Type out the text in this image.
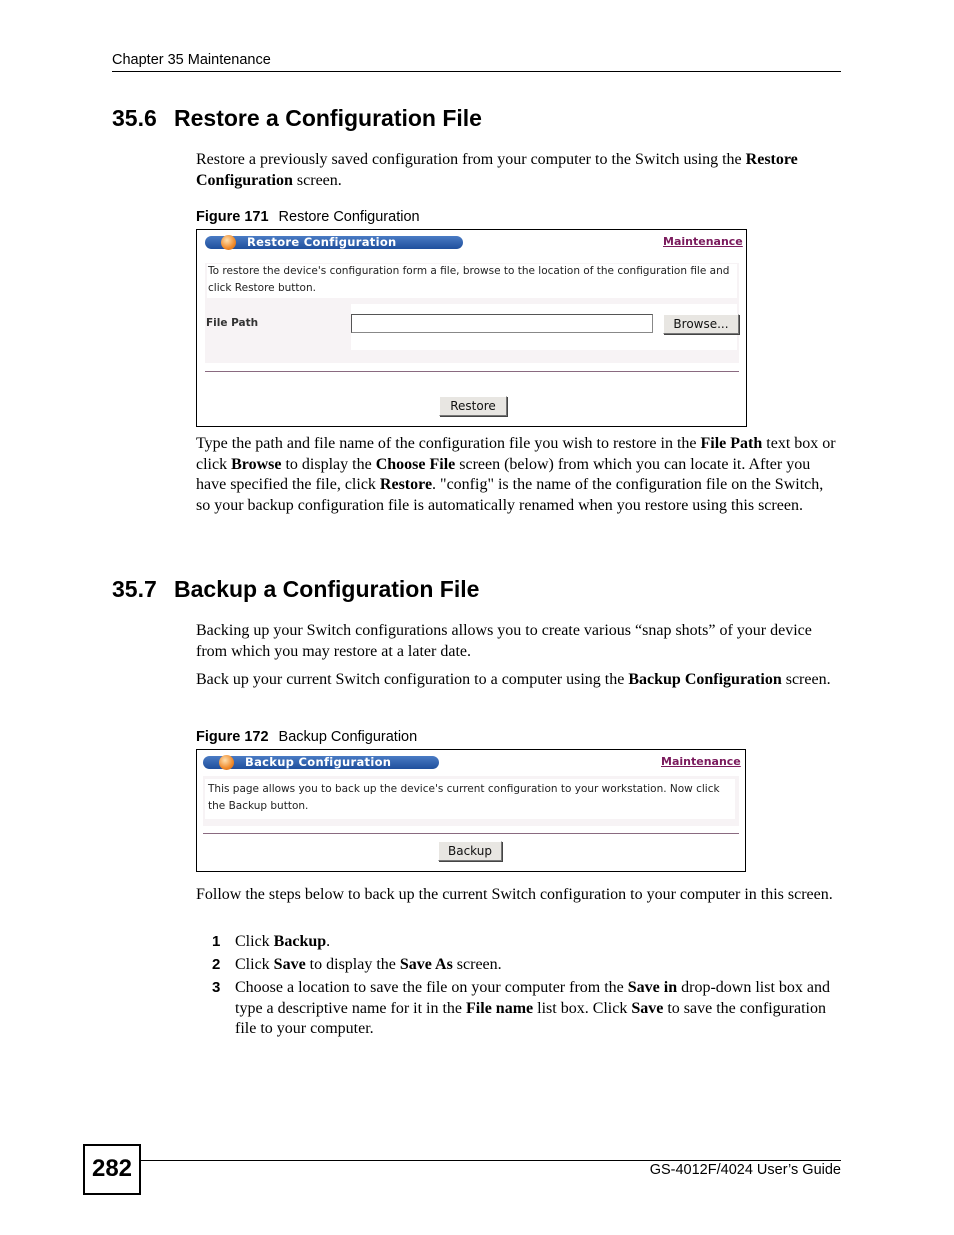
Chapter 35 Maintenance
35.6 Restore a Configuration File

Restore a previously saved configuration from your computer to the Switch using the Restore Configuration screen.

Figure 171 Restore Configuration
Restore Configuration	Maintenance
To restore the device's configuration form a file, browse to the location of the configuration file and click Restore button.
File Path	Browse...
Restore

Type the path and file name of the configuration file you wish to restore in the File Path text box or click Browse to display the Choose File screen (below) from which you can locate it. After you have specified the file, click Restore. "config" is the name of the configuration file on the Switch, so your backup configuration file is automatically renamed when you restore using this screen.

35.7 Backup a Configuration File

Backing up your Switch configurations allows you to create various “snap shots” of your device from which you may restore at a later date.

Back up your current Switch configuration to a computer using the Backup Configuration screen.

Figure 172 Backup Configuration
Backup Configuration	Maintenance
This page allows you to back up the device's current configuration to your workstation. Now click the Backup button.
Backup

Follow the steps below to back up the current Switch configuration to your computer in this screen.

1 Click Backup.
2 Click Save to display the Save As screen.
3 Choose a location to save the file on your computer from the Save in drop-down list box and type a descriptive name for it in the File name list box. Click Save to save the configuration file to your computer.
282	GS-4012F/4024 User’s Guide
